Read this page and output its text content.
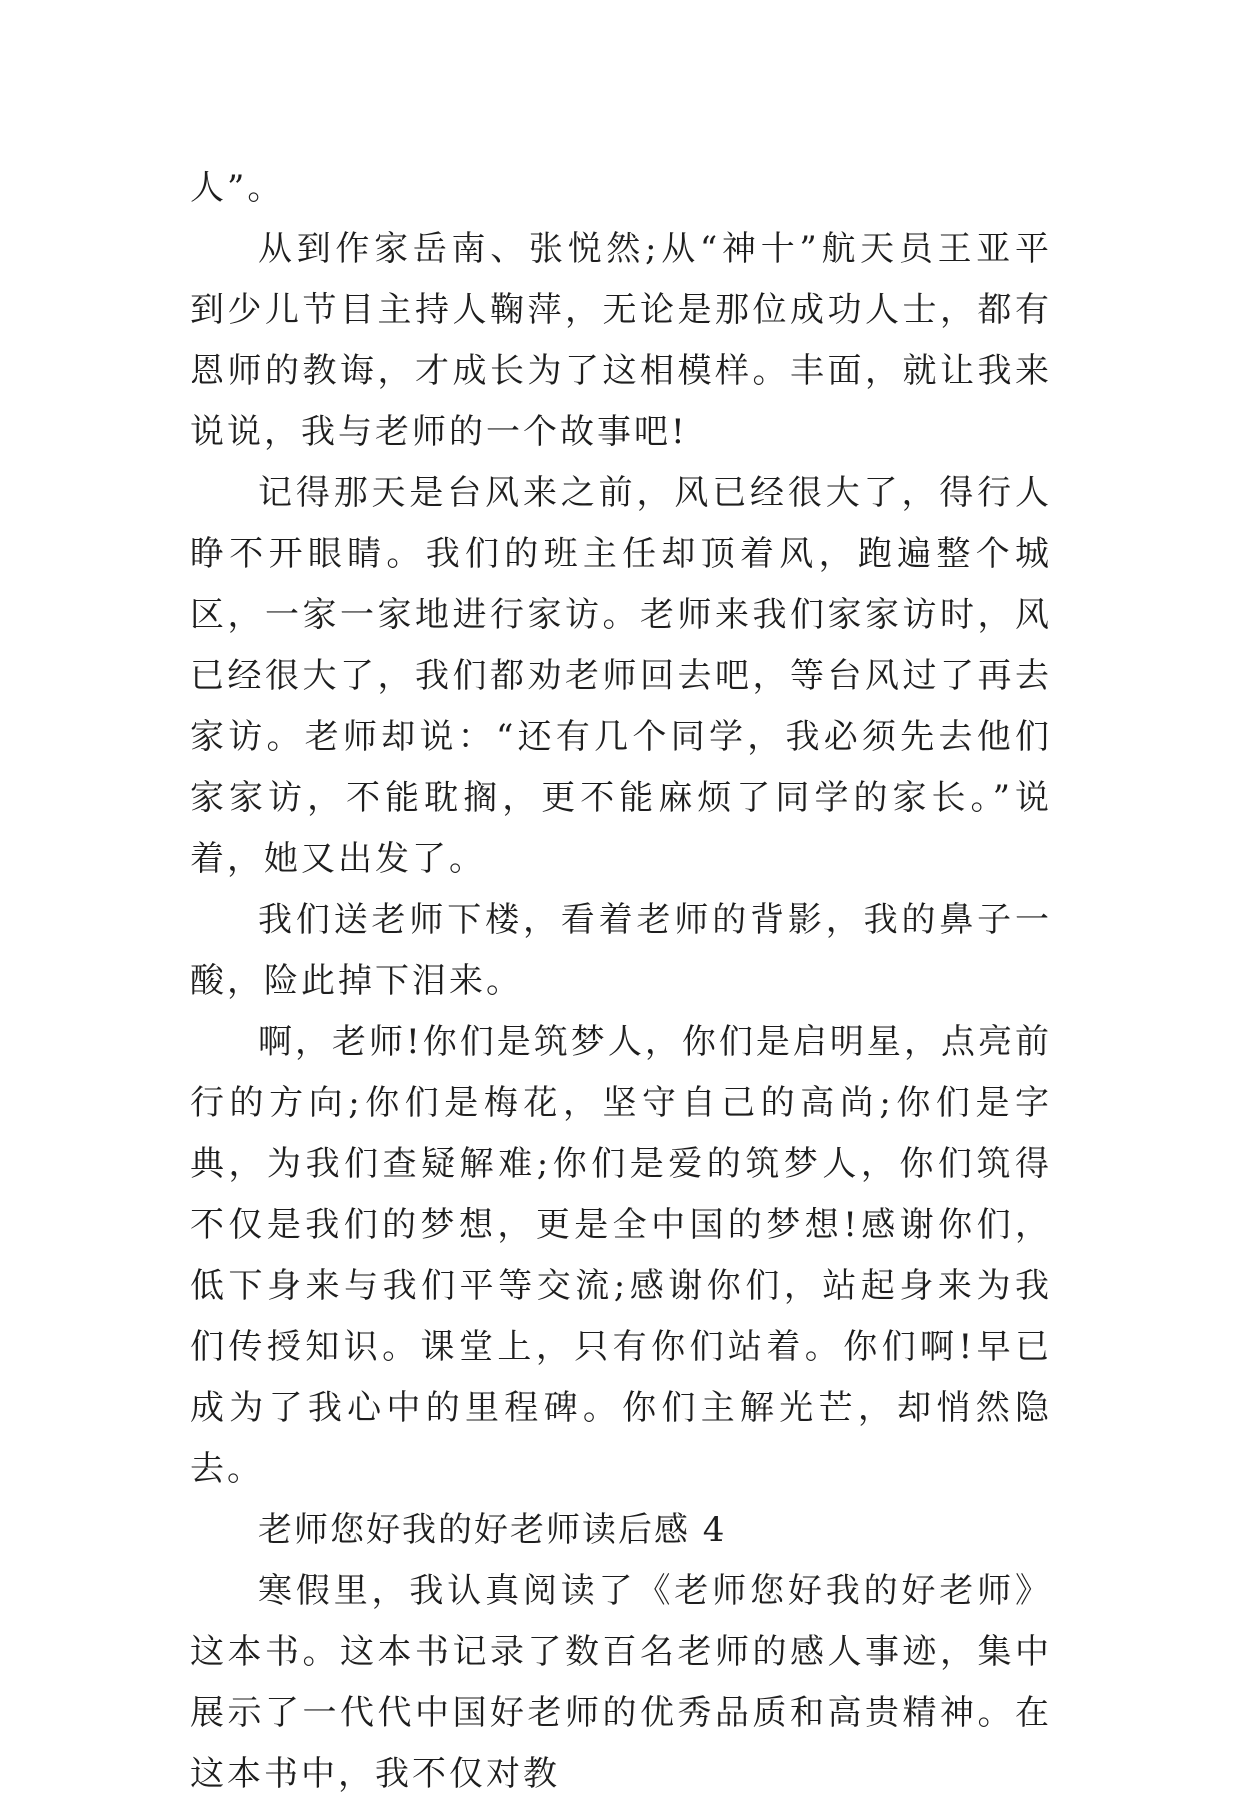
人”。

从到作家岳南、张悦然;从“神十”航天员王亚平到少儿节目主持人鞠萍，无论是那位成功人士，都有恩师的教诲，才成长为了这相模样。丰面，就让我来说说，我与老师的一个故事吧!

记得那天是台风来之前，风已经很大了，得行人睁不开眼睛。我们的班主任却顶着风，跑遍整个城区，一家一家地进行家访。老师来我们家家访时，风已经很大了，我们都劝老师回去吧，等台风过了再去家访。老师却说：“还有几个同学，我必须先去他们家家访，不能耽搁，更不能麻烦了同学的家长。”说着，她又出发了。

我们送老师下楼，看着老师的背影，我的鼻子一酸，险此掉下泪来。

啊，老师!你们是筑梦人，你们是启明星，点亮前行的方向;你们是梅花，坚守自己的高尚;你们是字典，为我们查疑解难;你们是爱的筑梦人，你们筑得不仅是我们的梦想，更是全中国的梦想!感谢你们，低下身来与我们平等交流;感谢你们，站起身来为我们传授知识。课堂上，只有你们站着。你们啊!早已成为了我心中的里程碑。你们主解光芒，却悄然隐去。

老师您好我的好老师读后感 4

寒假里，我认真阅读了《老师您好我的好老师》这本书。这本书记录了数百名老师的感人事迹，集中展示了一代代中国好老师的优秀品质和高贵精神。在这本书中，我不仅对教
